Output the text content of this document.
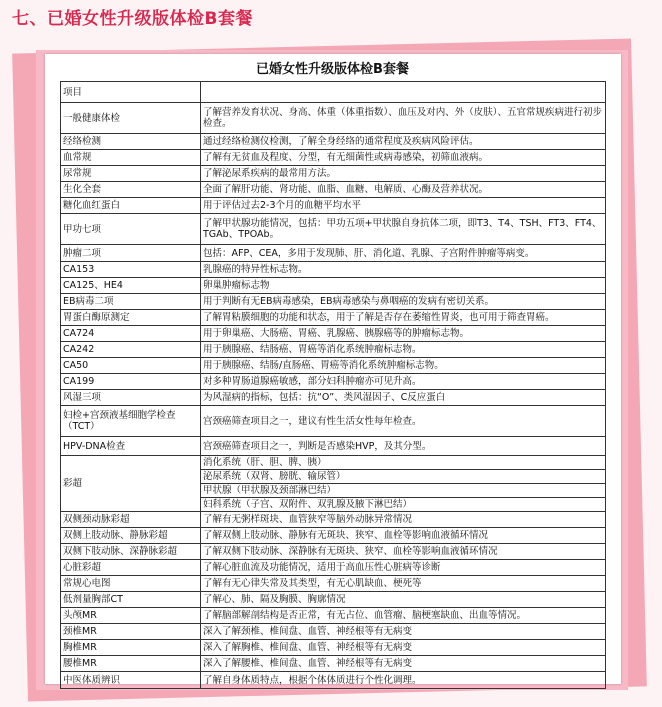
七、已婚女性升级版体检B套餐
已婚女性升级版体检B套餐
项目	
一般健康体检	了解营养发育状况、身高、体重（体重指数）、血压及对内、外（皮肤）、五官常规疾病进行初步检查。
经络检测	通过经络检测仪检测，了解全身经络的通常程度及疾病风险评估。
血常规	了解有无贫血及程度、分型，有无细菌性或病毒感染，初筛血液病。
尿常规	了解泌尿系疾病的最常用方法。
生化全套	全面了解肝功能、肾功能、血脂、血糖、电解质、心酶及营养状况。
糖化血红蛋白	用于评估过去2-3个月的血糖平均水平
甲功七项	了解甲状腺功能情况，包括：甲功五项+甲状腺自身抗体二项，即T3、T4、TSH、FT3、FT4、TGAb、TPOAb。
肿瘤二项	包括：AFP、CEA，多用于发现肺、肝、消化道、乳腺、子宫附件肿瘤等病变。
CA153	乳腺癌的特异性标志物。
CA125、HE4	卵巢肿瘤标志物
EB病毒二项	用于判断有无EB病毒感染，EB病毒感染与鼻咽癌的发病有密切关系。
胃蛋白酶原测定	了解胃粘膜细胞的功能和状态，用于了解是否存在萎缩性胃炎，也可用于筛查胃癌。
CA724	用于卵巢癌、大肠癌、胃癌、乳腺癌、胰腺癌等的肿瘤标志物。
CA242	用于胰腺癌、结肠癌、胃癌等消化系统肿瘤标志物。
CA50	用于胰腺癌、结肠/直肠癌、胃癌等消化系统肿瘤标志物。
CA199	对多种胃肠道腺癌敏感，部分妇科肿瘤亦可见升高。
风湿三项	为风湿病的指标，包括：抗“O”、类风湿因子、C反应蛋白
妇检+宫颈液基细胞学检查（TCT）	宫颈癌筛查项目之一，建议有性生活女性每年检查。
HPV-DNA检查	宫颈癌筛查项目之一，判断是否感染HVP，及其分型。
彩超	消化系统（肝、胆、脾、胰）
泌尿系统（双肾、膀胱、输尿管）
甲状腺（甲状腺及颈部淋巴结）
妇科系统（子宫、双附件、双乳腺及腋下淋巴结）

双侧颈动脉彩超	了解有无粥样斑块、血管狭窄等脑外动脉异常情况
双侧上肢动脉、静脉彩超	了解双侧上肢动脉、静脉有无斑块、狭窄、血栓等影响血液循环情况
双侧下肢动脉、深静脉彩超	了解双侧下肢动脉、深静脉有无斑块、狭窄、血栓等影响血液循环情况
心脏彩超	了解心脏血流及功能情况，适用于高血压性心脏病等诊断
常规心电图	了解有无心律失常及其类型，有无心肌缺血、梗死等
低剂量胸部CT	了解心、肺、隔及胸膜、胸廓情况
头颅MR	了解脑部解剖结构是否正常，有无占位、血管瘤、脑梗塞缺血、出血等情况。
颈椎MR	深入了解颈椎、椎间盘、血管、神经根等有无病变
胸椎MR	深入了解胸椎、椎间盘、血管、神经根等有无病变
腰椎MR	深入了解腰椎、椎间盘、血管、神经根等有无病变
中医体质辨识	了解自身体质特点，根据个体体质进行个性化调理。
